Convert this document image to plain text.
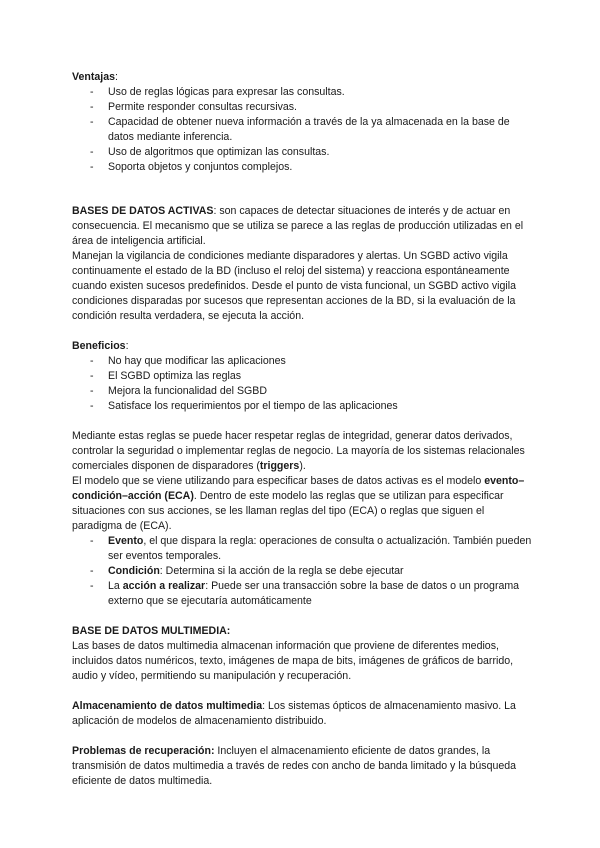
Ventajas:

- Uso de reglas lógicas para expresar las consultas.
- Permite responder consultas recursivas.
- Capacidad de obtener nueva información a través de la ya almacenada en la base de datos mediante inferencia.
- Uso de algoritmos que optimizan las consultas.
- Soporta objetos y conjuntos complejos.

BASES DE DATOS ACTIVAS: son capaces de detectar situaciones de interés y de actuar en consecuencia. El mecanismo que se utiliza se parece a las reglas de producción utilizadas en el área de inteligencia artificial.

Manejan la vigilancia de condiciones mediante disparadores y alertas. Un SGBD activo vigila continuamente el estado de la BD (incluso el reloj del sistema) y reacciona espontáneamente cuando existen sucesos predefinidos. Desde el punto de vista funcional, un SGBD activo vigila condiciones disparadas por sucesos que representan acciones de la BD, si la evaluación de la condición resulta verdadera, se ejecuta la acción.

Beneficios:

- No hay que modificar las aplicaciones
- El SGBD optimiza las reglas
- Mejora la funcionalidad del SGBD
- Satisface los requerimientos por el tiempo de las aplicaciones

Mediante estas reglas se puede hacer respetar reglas de integridad, generar datos derivados, controlar la seguridad o implementar reglas de negocio. La mayoría de los sistemas relacionales comerciales disponen de disparadores (triggers).

El modelo que se viene utilizando para especificar bases de datos activas es el modelo evento–condición–acción (ECA). Dentro de este modelo las reglas que se utilizan para especificar situaciones con sus acciones, se les llaman reglas del tipo (ECA) o reglas que siguen el paradigma de (ECA).

- Evento, el que dispara la regla: operaciones de consulta o actualización. También pueden ser eventos temporales.
- Condición: Determina si la acción de la regla se debe ejecutar
- La acción a realizar: Puede ser una transacción sobre la base de datos o un programa externo que se ejecutaría automáticamente

BASE DE DATOS MULTIMEDIA:

Las bases de datos multimedia almacenan información que proviene de diferentes medios, incluidos datos numéricos, texto, imágenes de mapa de bits, imágenes de gráficos de barrido, audio y vídeo, permitiendo su manipulación y recuperación.

Almacenamiento de datos multimedia: Los sistemas ópticos de almacenamiento masivo. La aplicación de modelos de almacenamiento distribuido.

Problemas de recuperación: Incluyen el almacenamiento eficiente de datos grandes, la transmisión de datos multimedia a través de redes con ancho de banda limitado y la búsqueda eficiente de datos multimedia.
